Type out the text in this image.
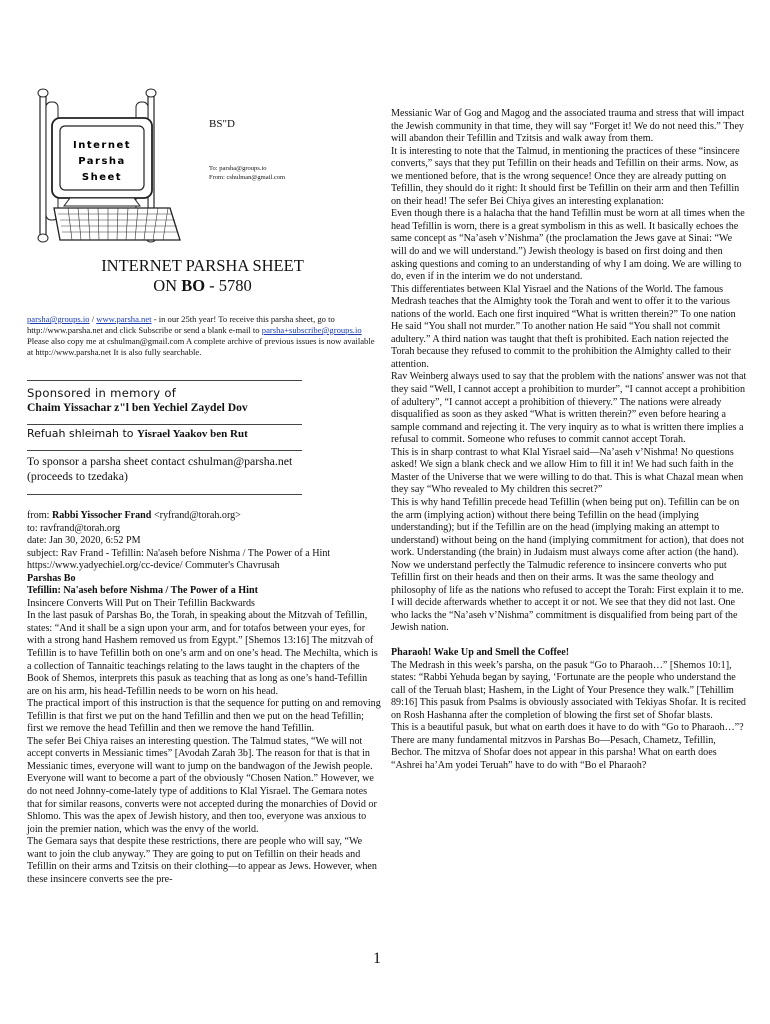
Internet
Parsha
Sheet
BS"D
To: parsha@groups.io
From: cshulman@gmail.com
INTERNET PARSHA SHEET
ON BO - 5780
parsha@groups.io / www.parsha.net - in our 25th year! To receive this parsha sheet, go to http://www.parsha.net and click Subscribe or send a blank e-mail to parsha+subscribe@groups.io Please also copy me at cshulman@gmail.com A complete archive of previous issues is now available at http://www.parsha.net It is also fully searchable.
Sponsored in memory of
Chaim Yissachar z"l ben Yechiel Zaydel Dov
Refuah shleimah to Yisrael Yaakov ben Rut
To sponsor a parsha sheet contact cshulman@parsha.net
(proceeds to tzedaka)

from: Rabbi Yissocher Frand <ryfrand@torah.org>

to: ravfrand@torah.org

date: Jan 30, 2020, 6:52 PM

subject: Rav Frand - Tefillin: Na'aseh before Nishma / The Power of a Hint

https://www.yadyechiel.org/cc-device/ Commuter's Chavrusah

Parshas Bo

Tefillin: Na'aseh before Nishma / The Power of a Hint

Insincere Converts Will Put on Their Tefillin Backwards

In the last pasuk of Parshas Bo, the Torah, in speaking about the Mitzvah of Tefillin, states: “And it shall be a sign upon your arm, and for totafos between your eyes, for with a strong hand Hashem removed us from Egypt.” [Shemos 13:16] The mitzvah of Tefillin is to have Tefillin both on one’s arm and on one’s head. The Mechilta, which is a collection of Tannaitic teachings relating to the laws taught in the chapters of the Book of Shemos, interprets this pasuk as teaching that as long as one’s hand-Tefillin are on his arm, his head-Tefillin needs to be worn on his head.

The practical import of this instruction is that the sequence for putting on and removing Tefillin is that first we put on the hand Tefillin and then we put on the head Tefillin; first we remove the head Tefillin and then we remove the hand Tefillin.

The sefer Bei Chiya raises an interesting question. The Talmud states, “We will not accept converts in Messianic times” [Avodah Zarah 3b]. The reason for that is that in Messianic times, everyone will want to jump on the bandwagon of the Jewish people. Everyone will want to become a part of the obviously “Chosen Nation.” However, we do not need Johnny-come-lately type of additions to Klal Yisrael. The Gemara notes that for similar reasons, converts were not accepted during the monarchies of Dovid or Shlomo. This was the apex of Jewish history, and then too, everyone was anxious to join the premier nation, which was the envy of the world.

The Gemara says that despite these restrictions, there are people who will say, “We want to join the club anyway.” They are going to put on Tefillin on their heads and Tefillin on their arms and Tzitsis on their clothing—to appear as Jews. However, when these insincere converts see the pre-

Messianic War of Gog and Magog and the associated trauma and stress that will impact the Jewish community in that time, they will say “Forget it! We do not need this.” They will abandon their Tefillin and Tzitsis and walk away from them.

It is interesting to note that the Talmud, in mentioning the practices of these “insincere converts,” says that they put Tefillin on their heads and Tefillin on their arms. Now, as we mentioned before, that is the wrong sequence! Once they are already putting on Tefillin, they should do it right: It should first be Tefillin on their arm and then Tefillin on their head! The sefer Bei Chiya gives an interesting explanation:

Even though there is a halacha that the hand Tefillin must be worn at all times when the head Tefillin is worn, there is a great symbolism in this as well. It basically echoes the same concept as “Na’aseh v’Nishma” (the proclamation the Jews gave at Sinai: “We will do and we will understand.”) Jewish theology is based on first doing and then asking questions and coming to an understanding of why I am doing. We are willing to do, even if in the interim we do not understand.

This differentiates between Klal Yisrael and the Nations of the World. The famous Medrash teaches that the Almighty took the Torah and went to offer it to the various nations of the world. Each one first inquired “What is written therein?” To one nation He said “You shall not murder.” To another nation He said “You shall not commit adultery.” A third nation was taught that theft is prohibited. Each nation rejected the Torah because they refused to commit to the prohibition the Almighty called to their attention.

Rav Weinberg always used to say that the problem with the nations' answer was not that they said “Well, I cannot accept a prohibition to murder”, “I cannot accept a prohibition of adultery”, “I cannot accept a prohibition of thievery.” The nations were already disqualified as soon as they asked “What is written therein?” even before hearing a sample command and rejecting it. The very inquiry as to what is written there implies a refusal to commit. Someone who refuses to commit cannot accept Torah.

This is in sharp contrast to what Klal Yisrael said—Na’aseh v’Nishma! No questions asked! We sign a blank check and we allow Him to fill it in! We had such faith in the Master of the Universe that we were willing to do that. This is what Chazal mean when they say “Who revealed to My children this secret?”

This is why hand Tefillin precede head Tefillin (when being put on). Tefillin can be on the arm (implying action) without there being Tefillin on the head (implying understanding); but if the Tefillin are on the head (implying making an attempt to understand) without being on the hand (implying commitment for action), that does not work. Understanding (the brain) in Judaism must always come after action (the hand).

Now we understand perfectly the Talmudic reference to insincere converts who put Tefillin first on their heads and then on their arms. It was the same theology and philosophy of life as the nations who refused to accept the Torah: First explain it to me. I will decide afterwards whether to accept it or not. We see that they did not last. One who lacks the “Na’aseh v’Nishma” commitment is disqualified from being part of the Jewish nation.

Pharaoh! Wake Up and Smell the Coffee!

The Medrash in this week’s parsha, on the pasuk “Go to Pharaoh…” [Shemos 10:1], states: “Rabbi Yehuda began by saying, ‘Fortunate are the people who understand the call of the Teruah blast; Hashem, in the Light of Your Presence they walk.” [Tehillim 89:16] This pasuk from Psalms is obviously associated with Tekiyas Shofar. It is recited on Rosh Hashanna after the completion of blowing the first set of Shofar blasts.

This is a beautiful pasuk, but what on earth does it have to do with “Go to Pharaoh…”? There are many fundamental mitzvos in Parshas Bo—Pesach, Chametz, Tefillin, Bechor. The mitzva of Shofar does not appear in this parsha! What on earth does “Ashrei ha’Am yodei Teruah” have to do with “Bo el Pharaoh?

1
